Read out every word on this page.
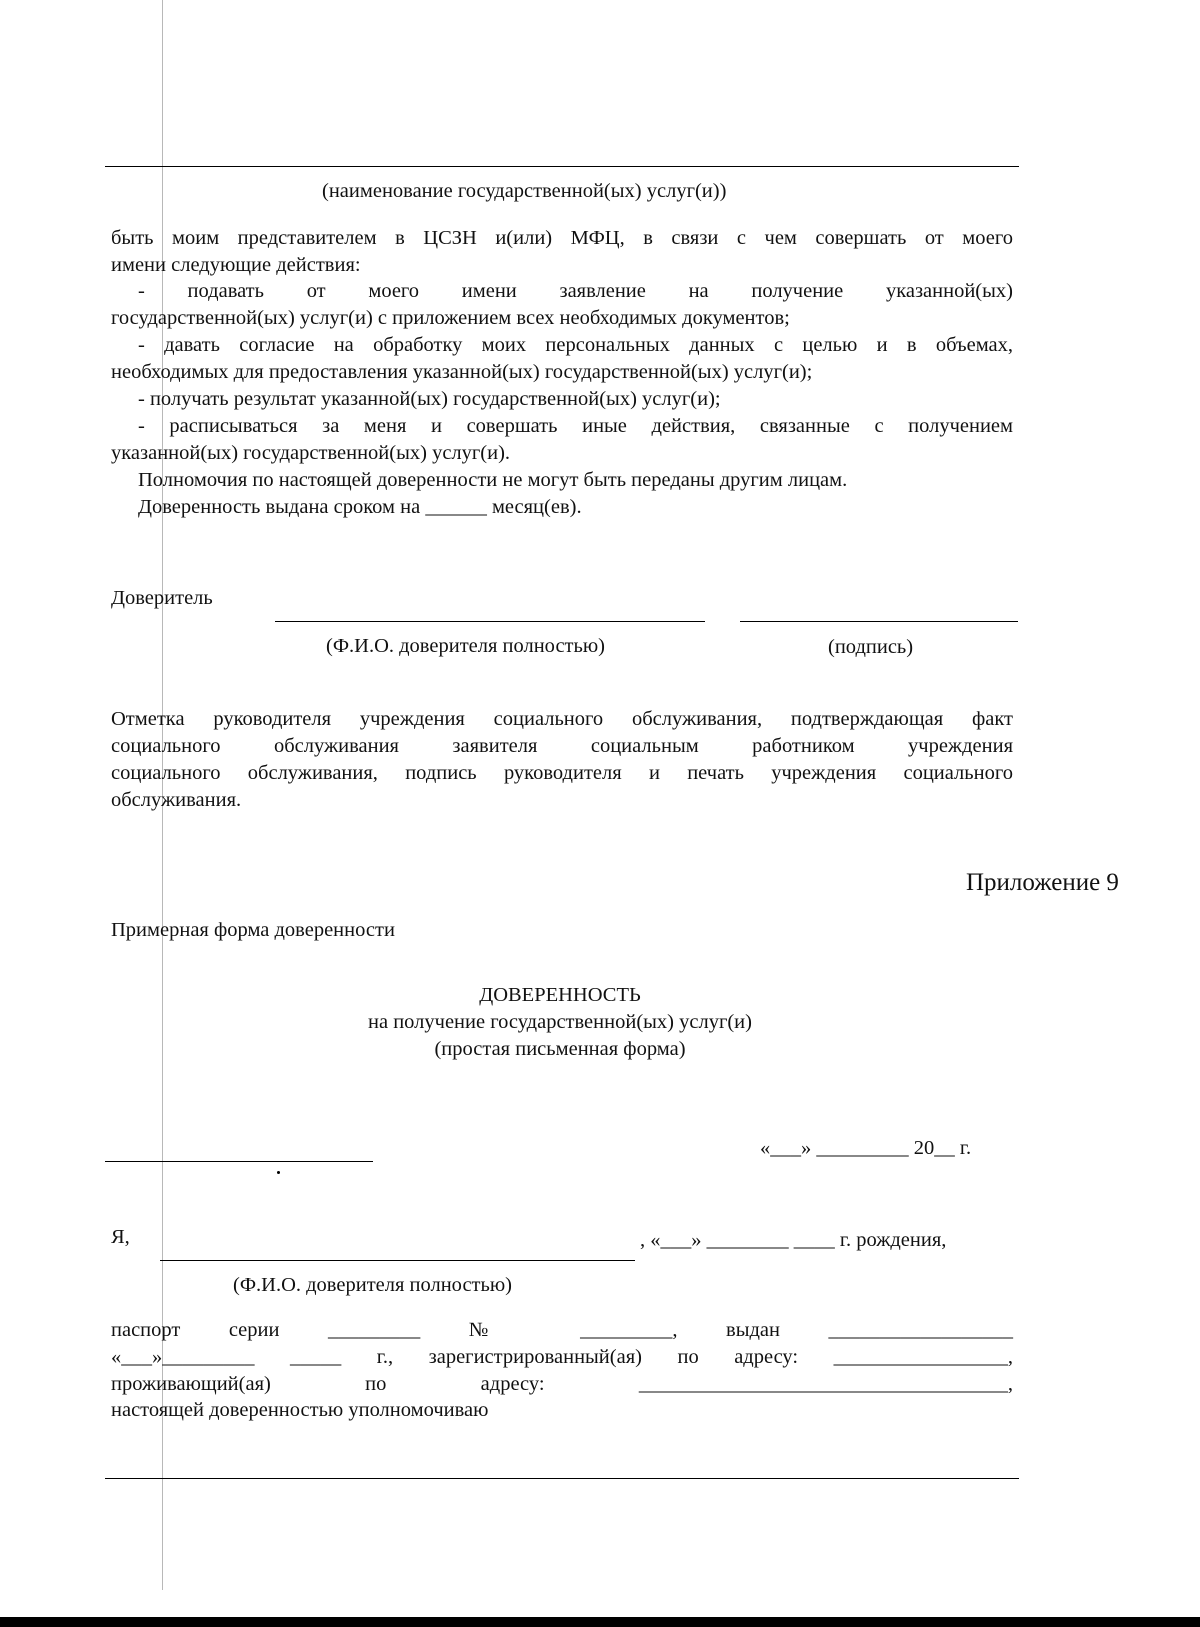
(наименование государственной(ых) услуг(и))
быть моим представителем в ЦСЗН и(или) МФЦ, в связи с чем совершать от моего
имени следующие действия:
- подавать от моего имени заявление на получение указанной(ых)
государственной(ых) услуг(и) с приложением всех необходимых документов;
- давать согласие на обработку моих персональных данных с целью и в объемах,
необходимых для предоставления указанной(ых) государственной(ых) услуг(и);
- получать результат указанной(ых) государственной(ых) услуг(и);
- расписываться за меня и совершать иные действия, связанные с получением
указанной(ых) государственной(ых) услуг(и).
Полномочия по настоящей доверенности не могут быть переданы другим лицам.
Доверенность выдана сроком на ______ месяц(ев).
Доверитель
(Ф.И.О. доверителя полностью)	(подпись)
Отметка руководителя учреждения социального обслуживания, подтверждающая факт
социального обслуживания заявителя социальным работником учреждения
социального обслуживания, подпись руководителя и печать учреждения социального
обслуживания.
Приложение 9
Примерная форма доверенности
ДОВЕРЕННОСТЬ
на получение государственной(ых) услуг(и)
(простая письменная форма)
«___» _________ 20__ г.
Я,	, «___» ________ ____ г. рождения,
(Ф.И.О. доверителя полностью)
паспорт серии _________ № _________, выдан __________________
«___»_________ _____ г., зарегистрированный(ая) по адресу: _________________,
проживающий(ая) по адресу: ____________________________________,
настоящей доверенностью уполномочиваю
